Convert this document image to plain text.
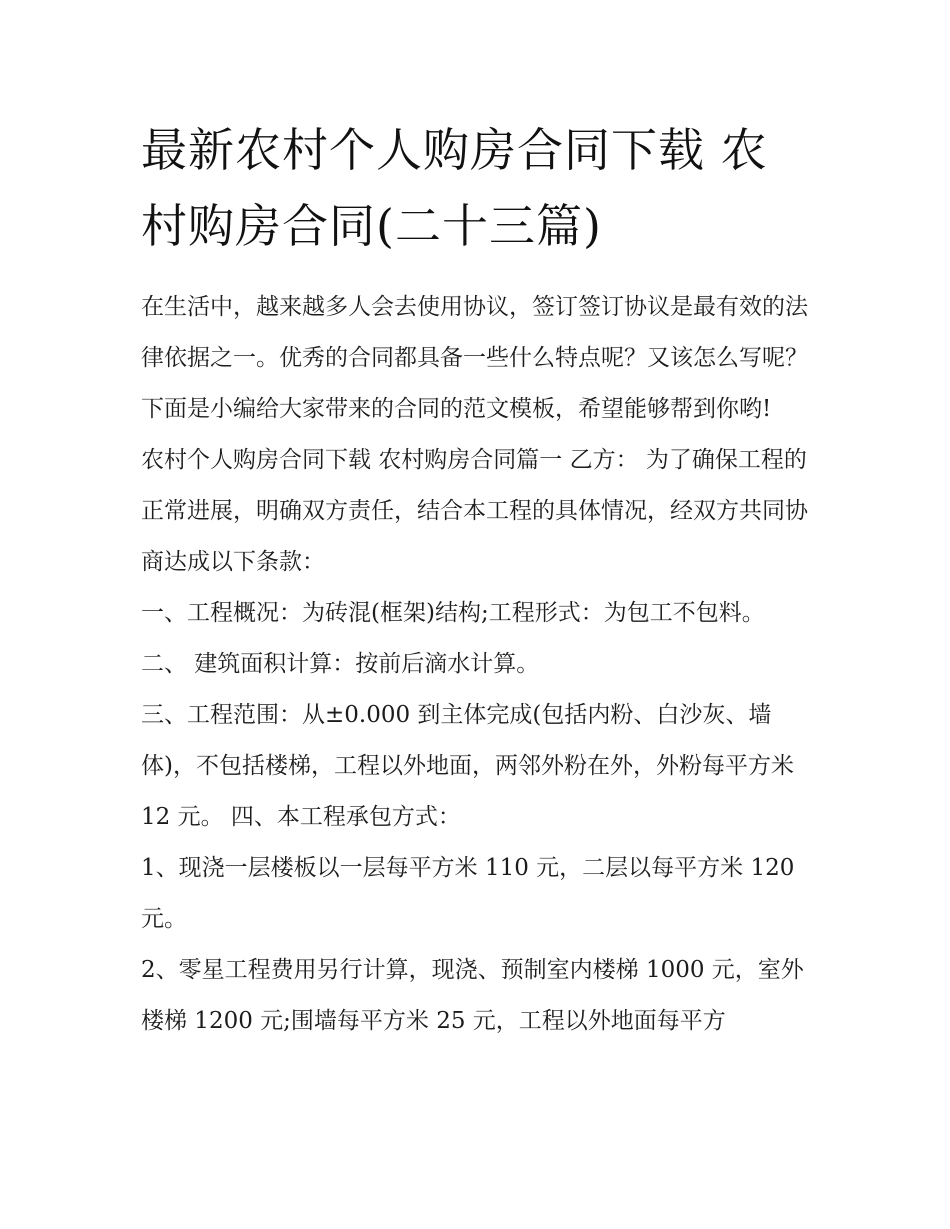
最新农村个人购房合同下载 农村购房合同(二十三篇)

在生活中，越来越多人会去使用协议，签订签订协议是最有效的法律依据之一。优秀的合同都具备一些什么特点呢？又该怎么写呢？下面是小编给大家带来的合同的范文模板，希望能够帮到你哟!

农村个人购房合同下载 农村购房合同篇一 乙方： 为了确保工程的正常进展，明确双方责任，结合本工程的具体情况，经双方共同协商达成以下条款：

一、工程概况：为砖混(框架)结构;工程形式：为包工不包料。 二、 建筑面积计算：按前后滴水计算。

三、工程范围：从±0.000 到主体完成(包括内粉、白沙灰、墙体)，不包括楼梯，工程以外地面，两邻外粉在外，外粉每平方米 12 元。 四、本工程承包方式：

1、现浇一层楼板以一层每平方米 110 元，二层以每平方米 120 元。

2、零星工程费用另行计算，现浇、预制室内楼梯 1000 元，室外楼梯 1200 元;围墙每平方米 25 元，工程以外地面每平方
